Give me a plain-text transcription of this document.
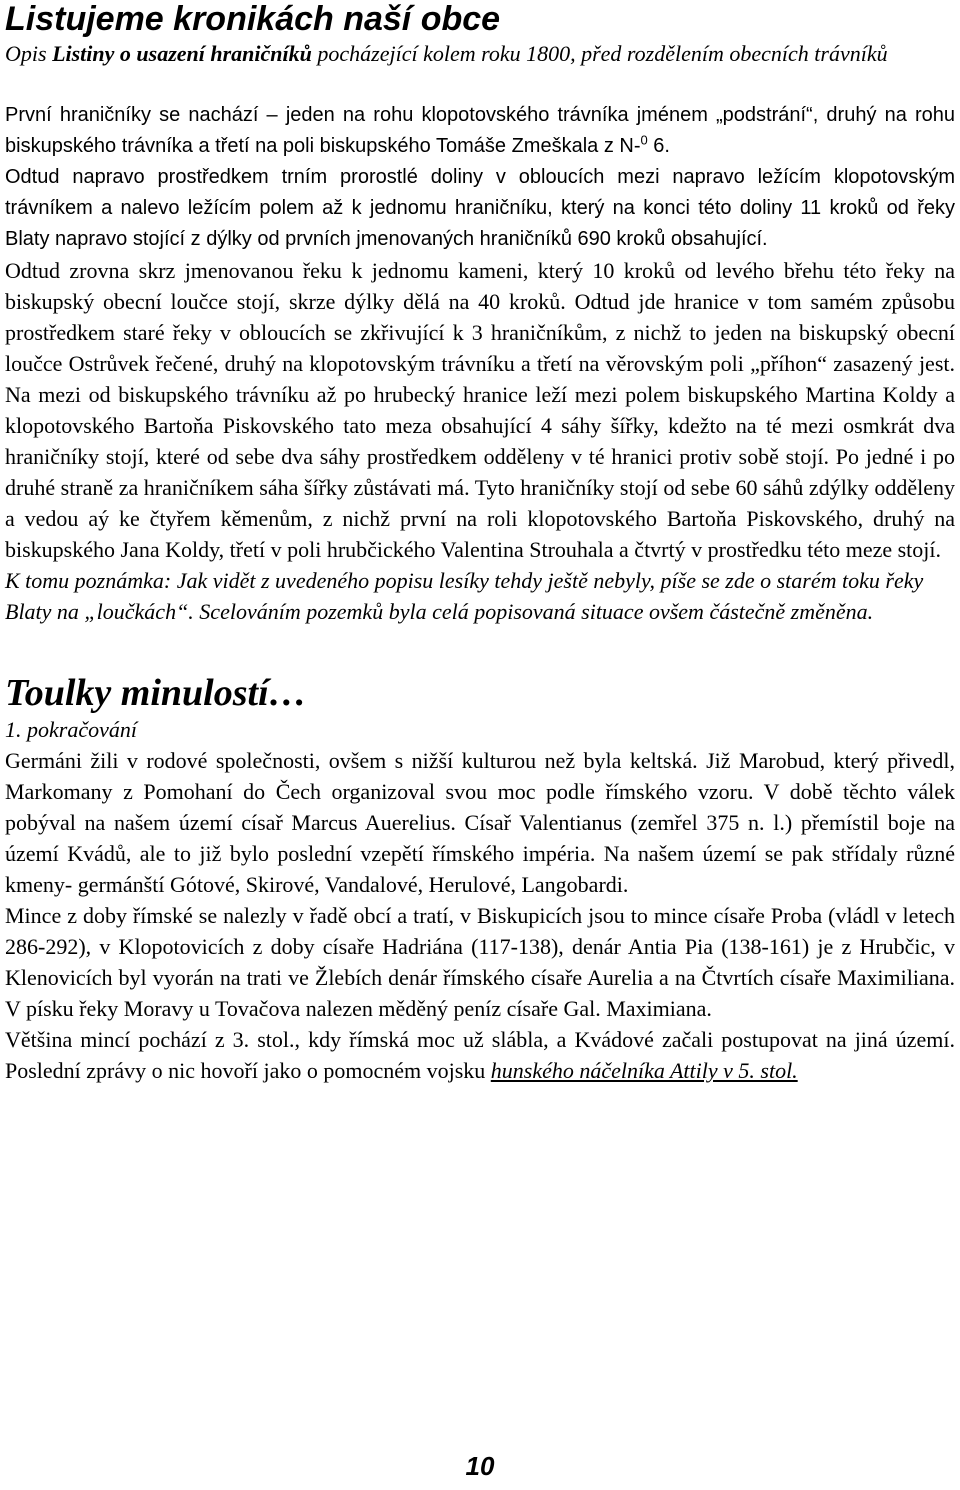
Listujeme kronikách naší obce
Opis Listiny o usazení hraničníků pocházející kolem roku 1800, před rozdělením obecních trávníků

První hraničníky se nachází – jeden na rohu klopotovského trávníka jménem „podstrání“, druhý na rohu biskupského trávníka a třetí na poli biskupského Tomáše Zmeškala z N-$^0$ 6.

Odtud napravo prostředkem trním prorostlé doliny v obloucích mezi napravo ležícím klopotovským trávníkem a nalevo ležícím polem až k jednomu hraničníku, který na konci této doliny 11 kroků od řeky Blaty napravo stojící z dýlky od prvních jmenovaných hraničníků 690 kroků obsahující.

Odtud zrovna skrz jmenovanou řeku k jednomu kameni, který 10 kroků od levého břehu této řeky na biskupský obecní loučce stojí, skrze dýlky dělá na 40 kroků. Odtud jde hranice v tom samém způsobu prostředkem staré řeky v obloucích se zkřivující k 3 hraničníkům, z nichž to jeden na biskupský obecní loučce Ostrůvek řečené, druhý na klopotovským trávníku a třetí na věrovským poli „příhon“ zasazený jest. Na mezi od biskupského trávníku až po hrubecký hranice leží mezi polem biskupského Martina Koldy a klopotovského Bartoňa Piskovského tato meza obsahující 4 sáhy šířky, kdežto na té mezi osmkrát dva hraničníky stojí, které od sebe dva sáhy prostředkem odděleny v té hranici protiv sobě stojí. Po jedné i po druhé straně za hraničníkem sáha šířky zůstávati má. Tyto hraničníky stojí od sebe 60 sáhů zdýlky odděleny a vedou aý ke čtyřem kěmenům, z nichž první na roli klopotovského Bartoňa Piskovského, druhý na biskupského Jana Koldy, třetí v poli hrubčického Valentina Strouhala a čtvrtý v prostředku této meze stojí.

K tomu poznámka: Jak vidět z uvedeného popisu lesíky tehdy ještě nebyly, píše se zde o starém toku řeky Blaty na „loučkách“. Scelováním pozemků byla celá popisovaná situace ovšem částečně změněna.

Toulky minulostí…
1. pokračování

Germáni žili v rodové společnosti, ovšem s nižší kulturou než byla keltská. Již Marobud, který přivedl, Markomany z Pomohaní do Čech organizoval svou moc podle římského vzoru. V době těchto válek pobýval na našem území císař Marcus Auerelius. Císař Valentianus (zemřel 375 n. l.) přemístil boje na území Kvádů, ale to již bylo poslední vzepětí římského impéria. Na našem území se pak střídaly různé kmeny- germánští Gótové, Skirové, Vandalové, Herulové, Langobardi.

Mince z doby římské se nalezly v řadě obcí a tratí, v Biskupicích jsou to mince císaře Proba (vládl v letech 286-292), v Klopotovicích z doby císaře Hadriána (117-138), denár Antia Pia (138-161) je z Hrubčic, v Klenovicích byl vyorán na trati ve Žlebích denár římského císaře Aurelia a na Čtvrtích císaře Maximiliana. V písku řeky Moravy u Tovačova nalezen měděný peníz císaře Gal. Maximiana.

Většina mincí pochází z 3. stol., kdy římská moc už slábla, a Kvádové začali postupovat na jiná území. Poslední zprávy o nic hovoří jako o pomocném vojsku hunského náčelníka Attily v 5. stol.

10
